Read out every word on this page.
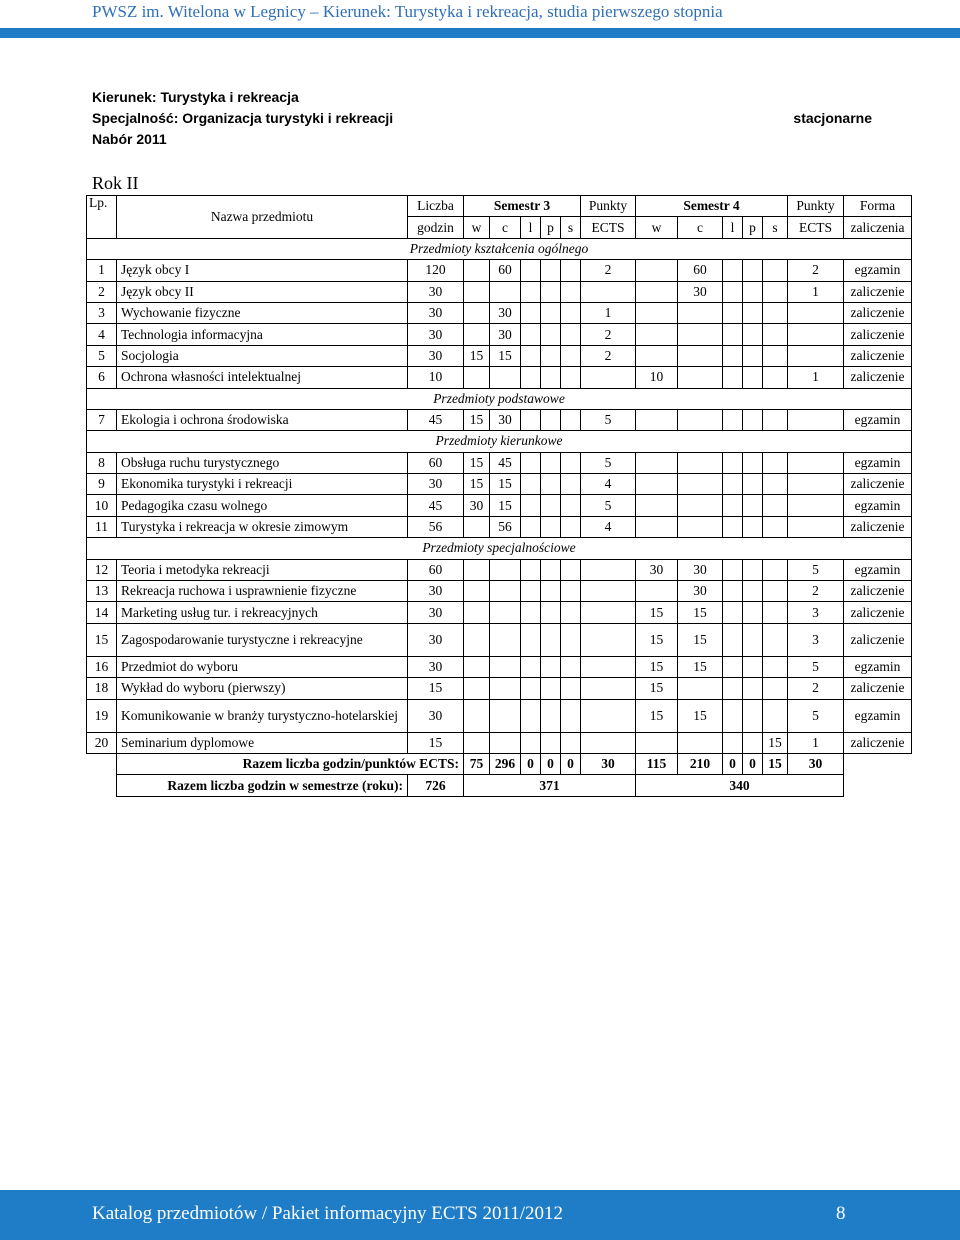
PWSZ im. Witelona w Legnicy – Kierunek: Turystyka i rekreacja, studia pierwszego stopnia
Kierunek: Turystyka i rekreacja
Specjalność: Organizacja turystyki i rekreacji	stacjonarne
Nabór 2011
Rok II
Lp.	Nazwa przedmiotu	Liczba	Semestr 3					Punkty	Semestr 4					Punkty	Forma
		godzin	w	c	l	p	s	ECTS	w	c	l	p	s	ECTS	zaliczenia
Przedmioty kształcenia ogólnego															
1	Język obcy I	120		60				2		60				2	egzamin
2	Język obcy II	30								30				1	zaliczenie
3	Wychowanie fizyczne	30		30				1							zaliczenie
4	Technologia informacyjna	30		30				2							zaliczenie
5	Socjologia	30	15	15				2							zaliczenie
6	Ochrona własności intelektualnej	10							10					1	zaliczenie
Przedmioty podstawowe															
7	Ekologia i ochrona środowiska	45	15	30				5							egzamin
Przedmioty kierunkowe															
8	Obsługa ruchu turystycznego	60	15	45				5							egzamin
9	Ekonomika turystyki i rekreacji	30	15	15				4							zaliczenie
10	Pedagogika czasu wolnego	45	30	15				5							egzamin
11	Turystyka i rekreacja w okresie zimowym	56		56				4							zaliczenie
Przedmioty specjalnościowe															
12	Teoria i metodyka rekreacji	60							30	30				5	egzamin
13	Rekreacja ruchowa i usprawnienie fizyczne	30								30				2	zaliczenie
14	Marketing usług tur. i rekreacyjnych	30							15	15				3	zaliczenie
15	Zagospodarowanie turystyczne i rekreacyjne	30							15	15				3	zaliczenie
16	Przedmiot do wyboru	30							15	15				5	egzamin
18	Wykład do wyboru (pierwszy)	15							15					2	zaliczenie
19	Komunikowanie w branży turystyczno-hotelarskiej	30							15	15				5	egzamin
20	Seminarium dyplomowe	15											15	1	zaliczenie
	Razem liczba godzin/punktów ECTS:		75	296	0	0	0	30	115	210	0	0	15	30	
	Razem liczba godzin w semestrze (roku):	726	371						340						
Katalog przedmiotów / Pakiet informacyjny ECTS 2011/2012	8
